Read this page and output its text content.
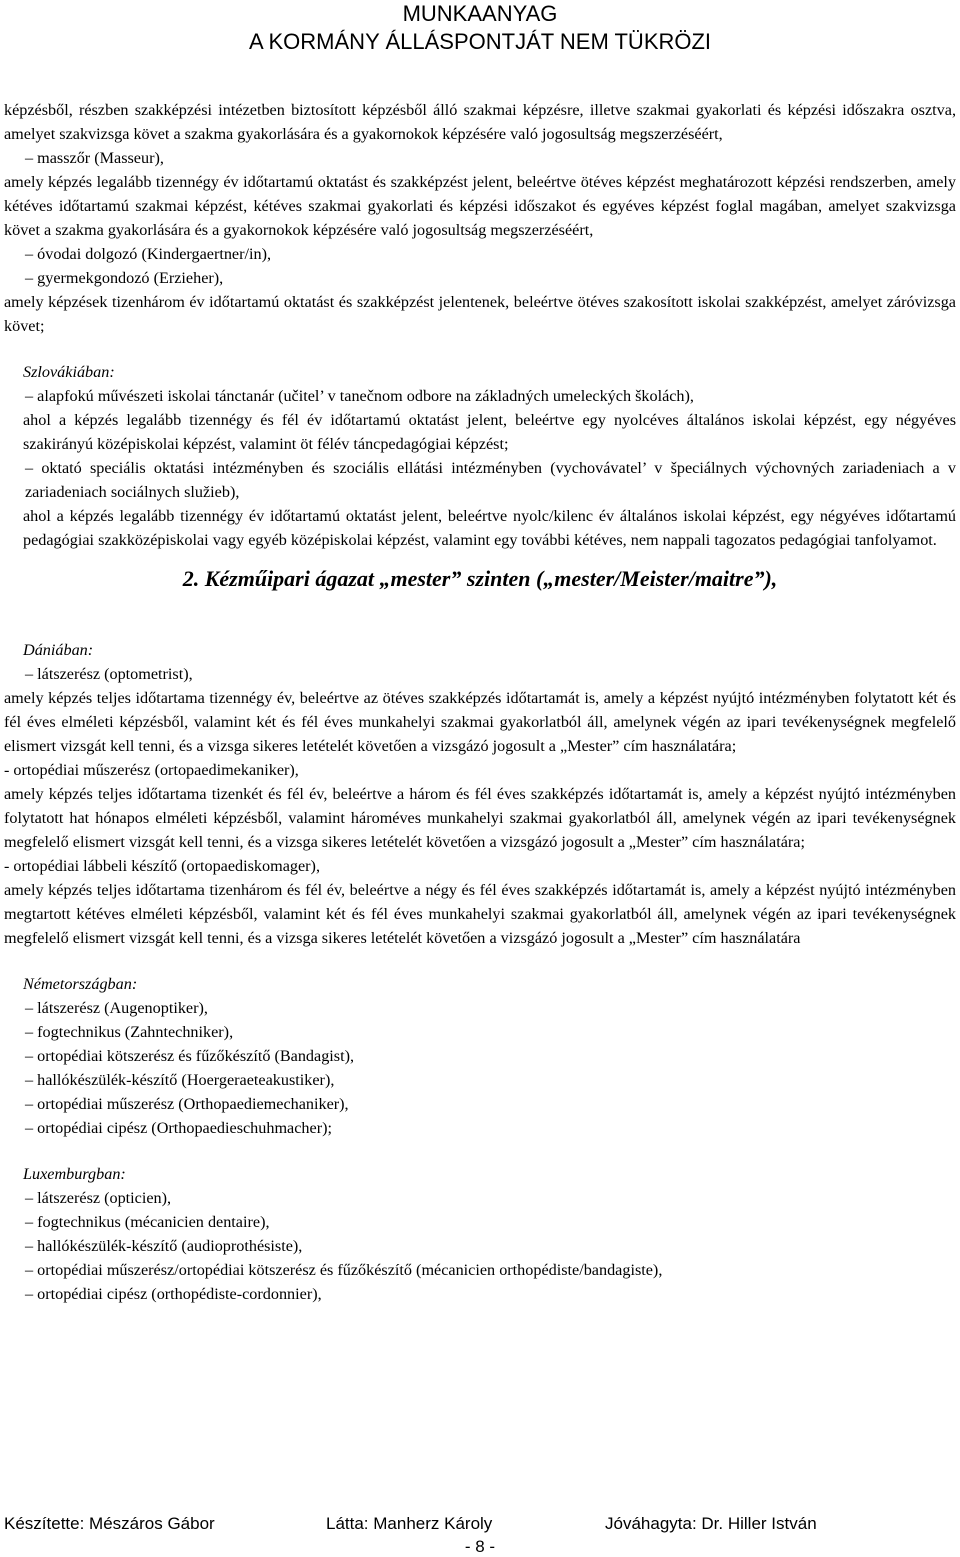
MUNKAANYAG
A KORMÁNY ÁLLÁSPONTJÁT NEM TÜKRÖZI

képzésből, részben szakképzési intézetben biztosított képzésből álló szakmai képzésre, illetve szakmai gyakorlati és képzési időszakra osztva, amelyet szakvizsga követ a szakma gyakorlására és a gyakornokok képzésére való jogosultság megszerzéséért,

– masszőr (Masseur),

amely képzés legalább tizennégy év időtartamú oktatást és szakképzést jelent, beleértve ötéves képzést meghatározott képzési rendszerben, amely kétéves időtartamú szakmai képzést, kétéves szakmai gyakorlati és képzési időszakot és egyéves képzést foglal magában, amelyet szakvizsga követ a szakma gyakorlására és a gyakornokok képzésére való jogosultság megszerzéséért,

– óvodai dolgozó (Kindergaertner/in),

– gyermekgondozó (Erzieher),

amely képzések tizenhárom év időtartamú oktatást és szakképzést jelentenek, beleértve ötéves szakosított iskolai szakképzést, amelyet záróvizsga követ;

Szlovákiában:

– alapfokú művészeti iskolai tánctanár (učitel’ v tanečnom odbore na základných umeleckých školách),

ahol a képzés legalább tizennégy és fél év időtartamú oktatást jelent, beleértve egy nyolcéves általános iskolai képzést, egy négyéves szakirányú középiskolai képzést, valamint öt félév táncpedagógiai képzést;

– oktató speciális oktatási intézményben és szociális ellátási intézményben (vychovávatel’ v špeciálnych výchovných zariadeniach a v zariadeniach sociálnych služieb),

ahol a képzés legalább tizennégy év időtartamú oktatást jelent, beleértve nyolc/kilenc év általános iskolai képzést, egy négyéves időtartamú pedagógiai szakközépiskolai vagy egyéb középiskolai képzést, valamint egy további kétéves, nem nappali tagozatos pedagógiai tanfolyamot.

2. Kézműipari ágazat „mester” szinten („mester/Meister/maitre”),

Dániában:

– látszerész (optometrist),

amely képzés teljes időtartama tizennégy év, beleértve az ötéves szakképzés időtartamát is, amely a képzést nyújtó intézményben folytatott két és fél éves elméleti képzésből, valamint két és fél éves munkahelyi szakmai gyakorlatból áll, amelynek végén az ipari tevékenységnek megfelelő elismert vizsgát kell tenni, és a vizsga sikeres letételét követően a vizsgázó jogosult a „Mester” cím használatára;

- ortopédiai műszerész (ortopaedimekaniker),

amely képzés teljes időtartama tizenkét és fél év, beleértve a három és fél éves szakképzés időtartamát is, amely a képzést nyújtó intézményben folytatott hat hónapos elméleti képzésből, valamint hároméves munkahelyi szakmai gyakorlatból áll, amelynek végén az ipari tevékenységnek megfelelő elismert vizsgát kell tenni, és a vizsga sikeres letételét követően a vizsgázó jogosult a „Mester” cím használatára;

- ortopédiai lábbeli készítő (ortopaediskomager),

amely képzés teljes időtartama tizenhárom és fél év, beleértve a négy és fél éves szakképzés időtartamát is, amely a képzést nyújtó intézményben megtartott kétéves elméleti képzésből, valamint két és fél éves munkahelyi szakmai gyakorlatból áll, amelynek végén az ipari tevékenységnek megfelelő elismert vizsgát kell tenni, és a vizsga sikeres letételét követően a vizsgázó jogosult a „Mester” cím használatára

Németországban:

– látszerész (Augenoptiker),

– fogtechnikus (Zahntechniker),

– ortopédiai kötszerész és fűzőkészítő (Bandagist),

– hallókészülék-készítő (Hoergeraeteakustiker),

– ortopédiai műszerész (Orthopaediemechaniker),

– ortopédiai cipész (Orthopaedieschuhmacher);

Luxemburgban:

– látszerész (opticien),

– fogtechnikus (mécanicien dentaire),

– hallókészülék-készítő (audioprothésiste),

– ortopédiai műszerész/ortopédiai kötszerész és fűzőkészítő (mécanicien orthopédiste/bandagiste),

– ortopédiai cipész (orthopédiste-cordonnier),

Készítette: Mészáros Gábor	Látta: Manherz Károly	Jóváhagyta: Dr. Hiller István
- 8 -
